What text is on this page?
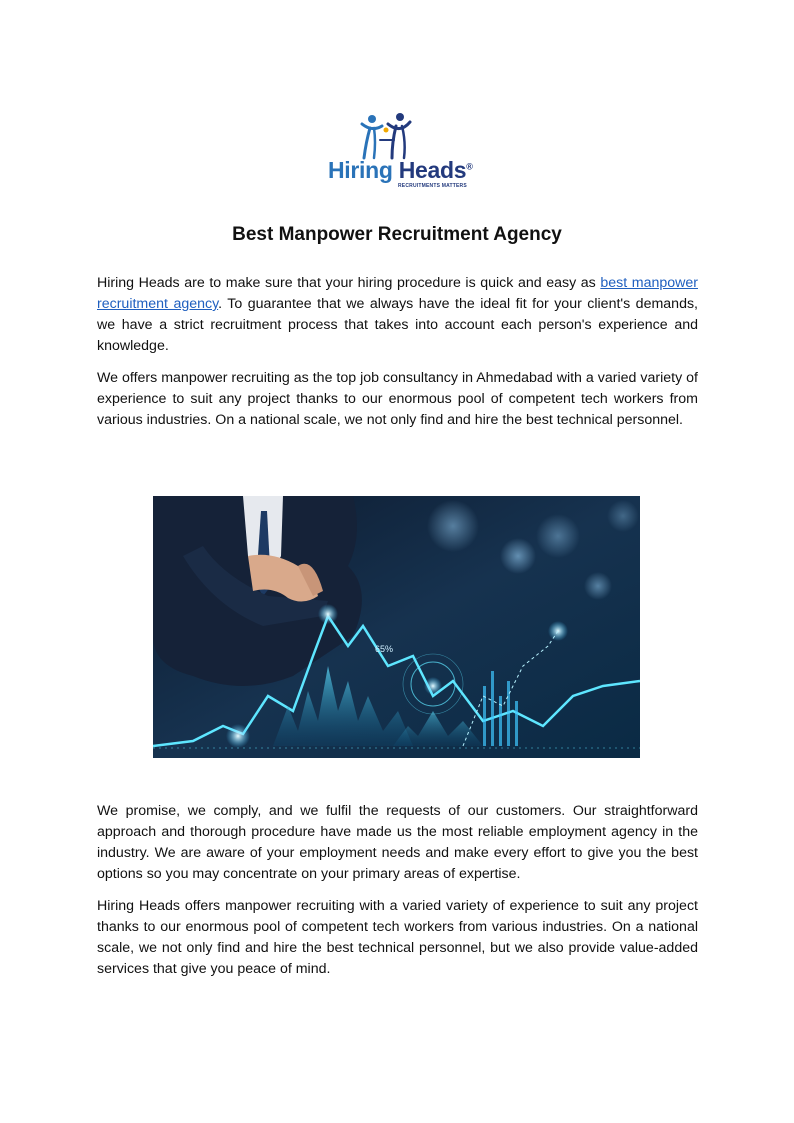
Hiring Heads®
RECRUITMENTS MATTERS
Best Manpower Recruitment Agency

Hiring Heads are to make sure that your hiring procedure is quick and easy as best manpower recruitment agency. To guarantee that we always have the ideal fit for your client's demands, we have a strict recruitment process that takes into account each person's experience and knowledge.

We offers manpower recruiting as the top job consultancy in Ahmedabad with a varied variety of experience to suit any project thanks to our enormous pool of competent tech workers from various industries. On a national scale, we not only find and hire the best technical personnel.

65%

We promise, we comply, and we fulfil the requests of our customers. Our straightforward approach and thorough procedure have made us the most reliable employment agency in the industry. We are aware of your employment needs and make every effort to give you the best options so you may concentrate on your primary areas of expertise.

Hiring Heads offers manpower recruiting with a varied variety of experience to suit any project thanks to our enormous pool of competent tech workers from various industries. On a national scale, we not only find and hire the best technical personnel, but we also provide value-added services that give you peace of mind.
